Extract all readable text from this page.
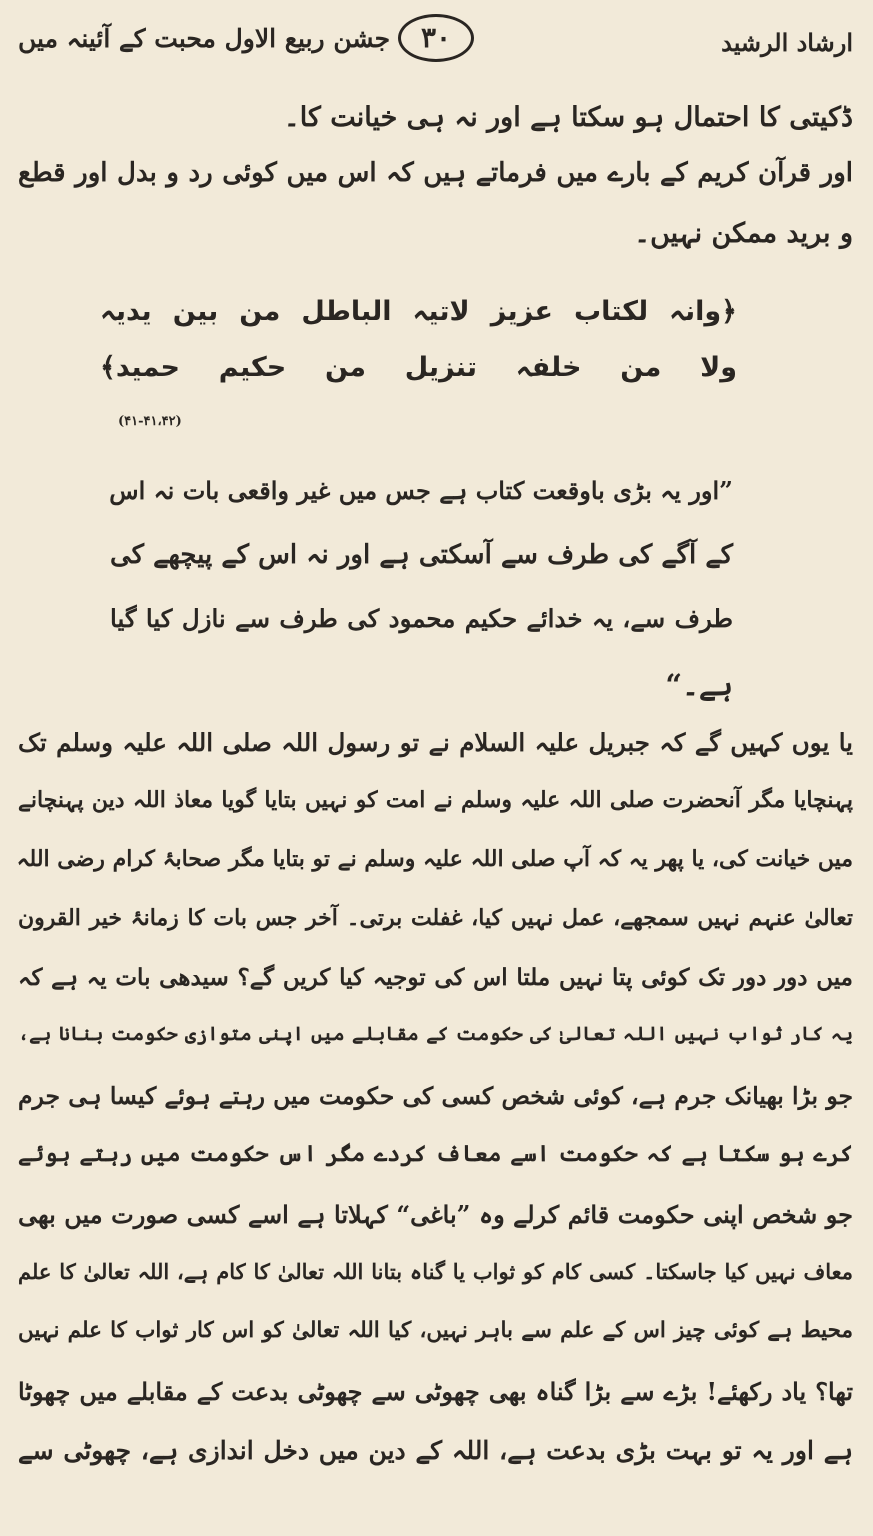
ارشاد الرشید
۳۰
جشن ربیع الاول محبت کے آئینہ میں
ڈکیتی کا احتمال ہو سکتا ہے اور نہ ہی خیانت کا۔
اور قرآن کریم کے بارے میں فرماتے ہیں کہ اس میں کوئی رد و بدل اور قطع
و برید ممکن نہیں۔
﴿وانہ لکتاب عزیز لاتیہ الباطل من بین یدیہ
ولا من خلفہ تنزیل من حکیم حمید﴾
(۴۱-۴۱،۴۲)
”اور یہ بڑی باوقعت کتاب ہے جس میں غیر واقعی بات نہ اس
کے آگے کی طرف سے آسکتی ہے اور نہ اس کے پیچھے کی
طرف سے، یہ خدائے حکیم محمود کی طرف سے نازل کیا گیا
ہے۔“
یا یوں کہیں گے کہ جبریل علیہ السلام نے تو رسول اللہ صلی اللہ علیہ وسلم تک
پہنچایا مگر آنحضرت صلی اللہ علیہ وسلم نے امت کو نہیں بتایا گویا معاذ اللہ دین پہنچانے
میں خیانت کی، یا پھر یہ کہ آپ صلی اللہ علیہ وسلم نے تو بتایا مگر صحابۂ کرام رضی اللہ
تعالیٰ عنہم نہیں سمجھے، عمل نہیں کیا، غفلت برتی۔ آخر جس بات کا زمانۂ خیر القرون
میں دور دور تک کوئی پتا نہیں ملتا اس کی توجیہ کیا کریں گے؟ سیدھی بات یہ ہے کہ
یہ کار ثواب نہیں اللہ تعالیٰ کی حکومت کے مقابلے میں اپنی متوازی حکومت بنانا ہے،
جو بڑا بھیانک جرم ہے، کوئی شخص کسی کی حکومت میں رہتے ہوئے کیسا ہی جرم
کرے ہو سکتا ہے کہ حکومت اسے معاف کردے مگر اس حکومت میں رہتے ہوئے
جو شخص اپنی حکومت قائم کرلے وہ ”باغی“ کہلاتا ہے اسے کسی صورت میں بھی
معاف نہیں کیا جاسکتا۔ کسی کام کو ثواب یا گناہ بتانا اللہ تعالیٰ کا کام ہے، اللہ تعالیٰ کا علم
محیط ہے کوئی چیز اس کے علم سے باہر نہیں، کیا اللہ تعالیٰ کو اس کار ثواب کا علم نہیں
تھا؟ یاد رکھئے! بڑے سے بڑا گناہ بھی چھوٹی سے چھوٹی بدعت کے مقابلے میں چھوٹا
ہے اور یہ تو بہت بڑی بدعت ہے، اللہ کے دین میں دخل اندازی ہے، چھوٹی سے
